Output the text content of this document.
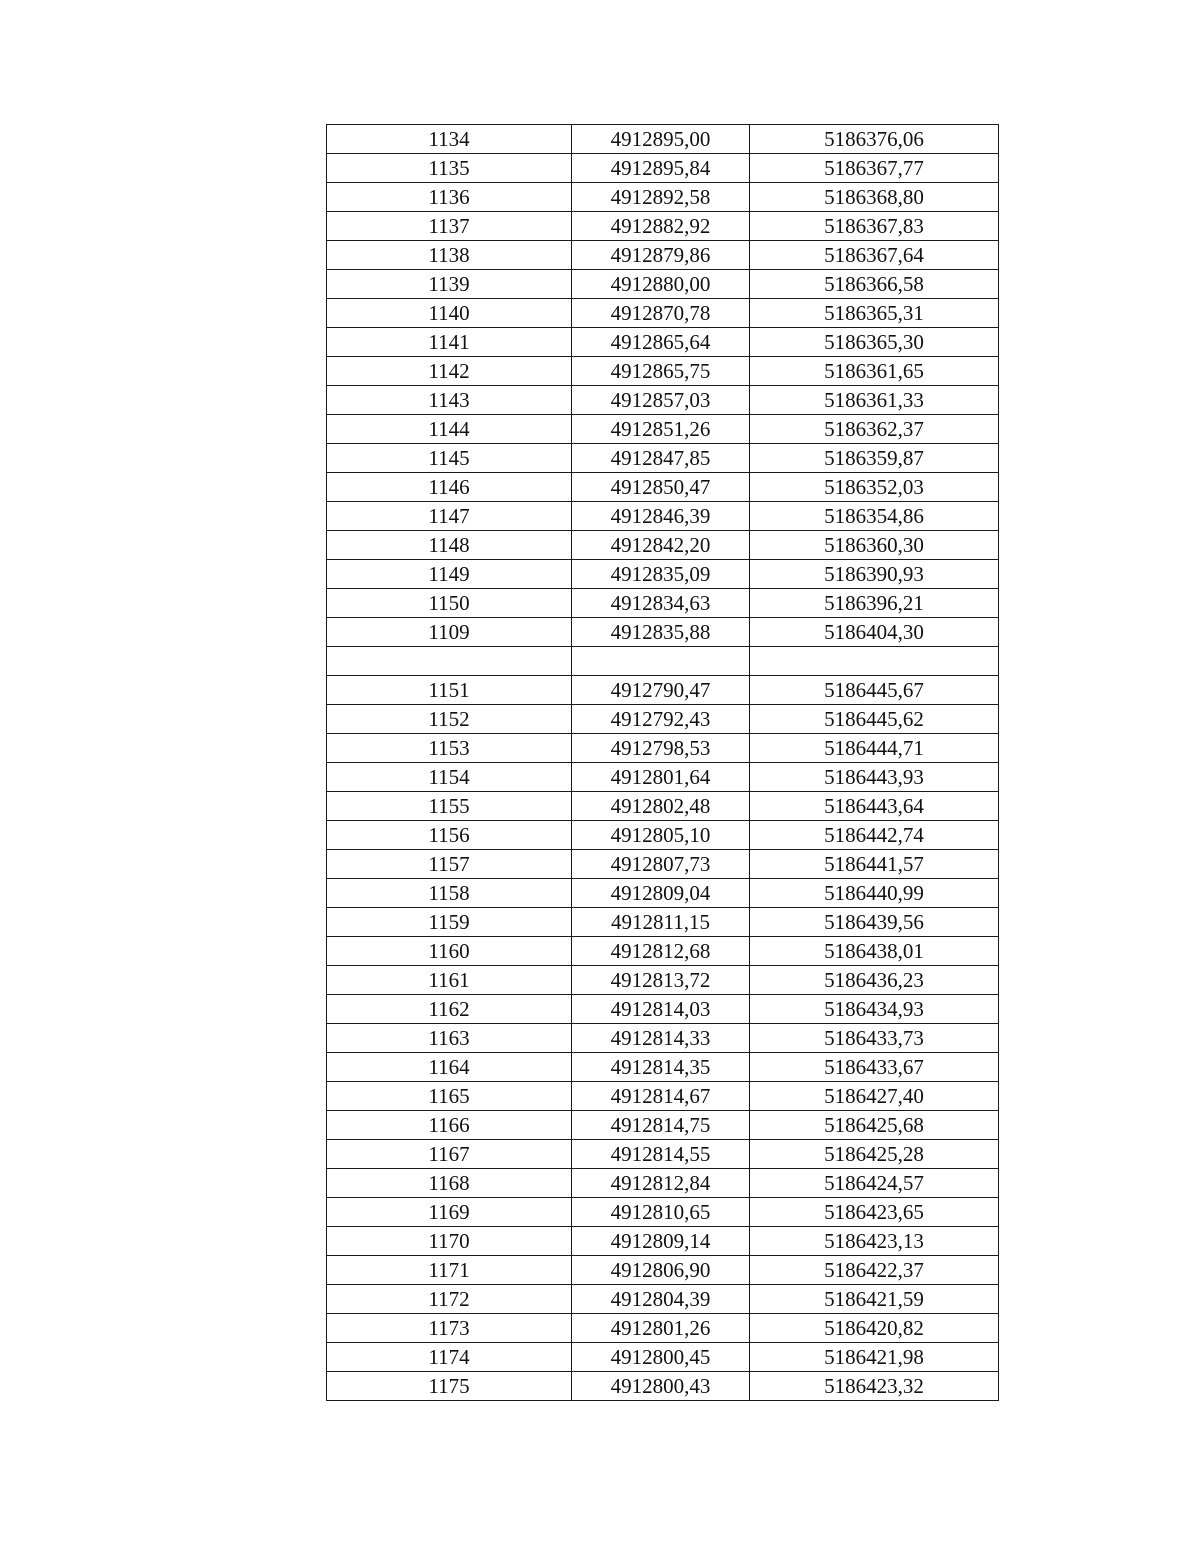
1134	4912895,00	5186376,06
1135	4912895,84	5186367,77
1136	4912892,58	5186368,80
1137	4912882,92	5186367,83
1138	4912879,86	5186367,64
1139	4912880,00	5186366,58
1140	4912870,78	5186365,31
1141	4912865,64	5186365,30
1142	4912865,75	5186361,65
1143	4912857,03	5186361,33
1144	4912851,26	5186362,37
1145	4912847,85	5186359,87
1146	4912850,47	5186352,03
1147	4912846,39	5186354,86
1148	4912842,20	5186360,30
1149	4912835,09	5186390,93
1150	4912834,63	5186396,21
1109	4912835,88	5186404,30

1151	4912790,47	5186445,67
1152	4912792,43	5186445,62
1153	4912798,53	5186444,71
1154	4912801,64	5186443,93
1155	4912802,48	5186443,64
1156	4912805,10	5186442,74
1157	4912807,73	5186441,57
1158	4912809,04	5186440,99
1159	4912811,15	5186439,56
1160	4912812,68	5186438,01
1161	4912813,72	5186436,23
1162	4912814,03	5186434,93
1163	4912814,33	5186433,73
1164	4912814,35	5186433,67
1165	4912814,67	5186427,40
1166	4912814,75	5186425,68
1167	4912814,55	5186425,28
1168	4912812,84	5186424,57
1169	4912810,65	5186423,65
1170	4912809,14	5186423,13
1171	4912806,90	5186422,37
1172	4912804,39	5186421,59
1173	4912801,26	5186420,82
1174	4912800,45	5186421,98
1175	4912800,43	5186423,32
